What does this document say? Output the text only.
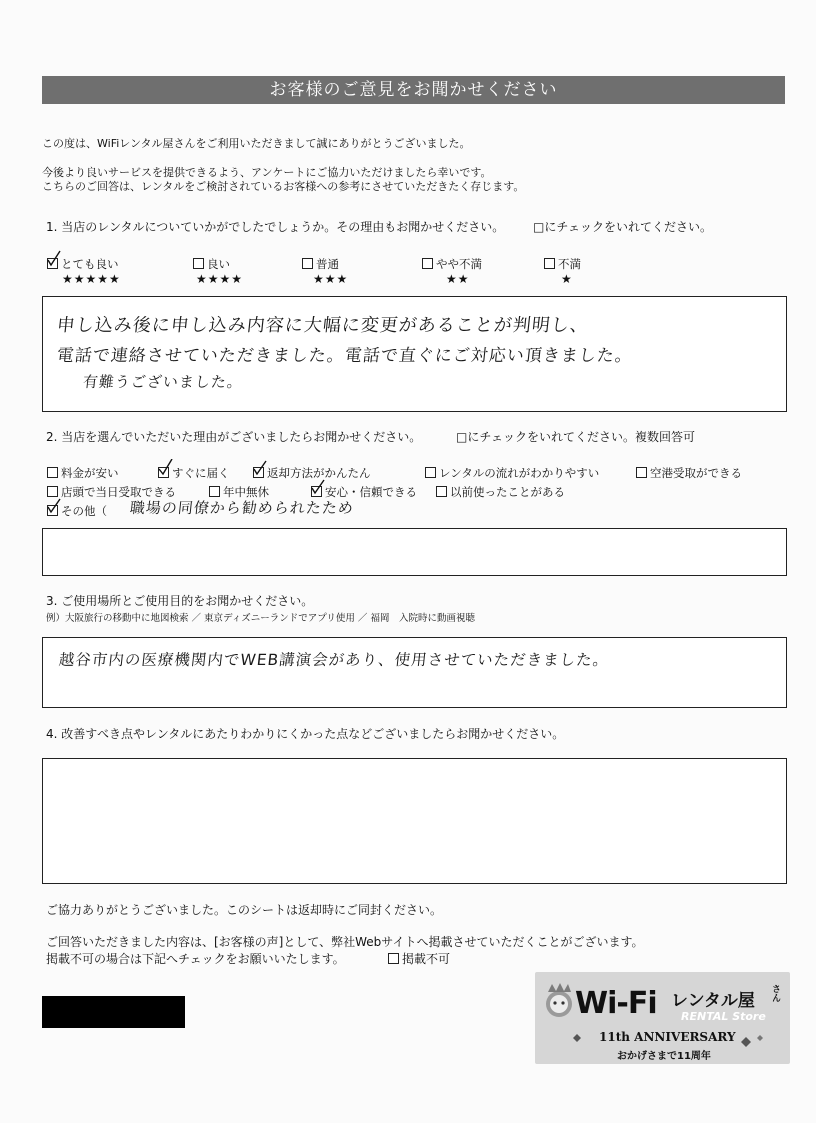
お客様のご意見をお聞かせください
この度は、WiFiレンタル屋さんをご利用いただきまして誠にありがとうございました。
今後より良いサービスを提供できるよう、アンケートにご協力いただけましたら幸いです。
こちらのご回答は、レンタルをご検討されているお客様への参考にさせていただきたく存じます。
1. 当店のレンタルについていかがでしたでしょうか。その理由もお聞かせください。 □にチェックをいれてください。
とても良い
★★★★★
良い
★★★★
普通
★★★
やや不満
★★
不満
★
申し込み後に申し込み内容に大幅に変更があることが判明し、
電話で連絡させていただきました。電話で直ぐにご対応い頂きました。
有難うございました。
2. 当店を選んでいただいた理由がございましたらお聞かせください。	□にチェックをいれてください。複数回答可
料金が安い	すぐに届く	返却方法がかんたん	レンタルの流れがわかりやすい	空港受取ができる
店頭で当日受取できる	年中無休	安心・信頼できる	以前使ったことがある
その他（ 職場の同僚から勧められたため
3. ご使用場所とご使用目的をお聞かせください。
例）大阪旅行の移動中に地図検索 ／ 東京ディズニーランドでアプリ使用 ／ 福岡　入院時に動画視聴
越谷市内の医療機関内でWEB講演会があり、使用させていただきました。
4. 改善すべき点やレンタルにあたりわかりにくかった点などございましたらお聞かせください。
ご協力ありがとうございました。このシートは返却時にご同封ください。
ご回答いただきました内容は、[お客様の声]として、弊社Webサイトへ掲載させていただくことがございます。
掲載不可の場合は下記へチェックをお願いいたします。	掲載不可
Wi-Fi レンタル屋 さん
RENTAL Store
11th ANNIVERSARY
おかげさまで11周年
